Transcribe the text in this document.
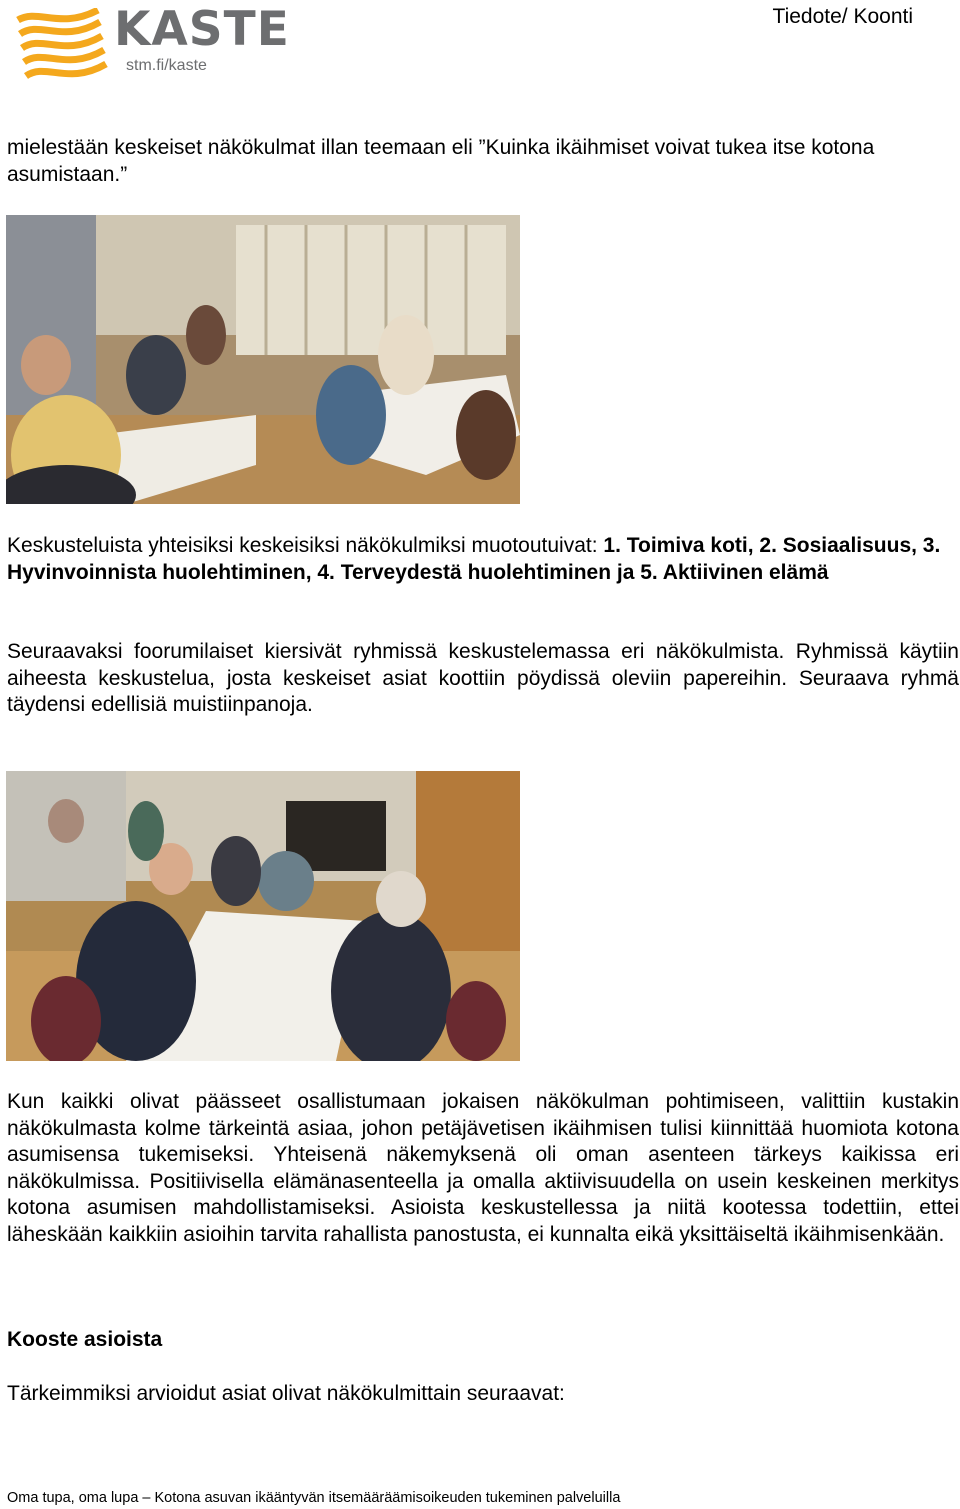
KASTE
stm.fi/kaste
Tiedote/ Koonti
mielestään keskeiset näkökulmat illan teemaan eli ”Kuinka ikäihmiset voivat tukea itse kotona asumistaan.”
Keskusteluista yhteisiksi keskeisiksi näkökulmiksi muotoutuivat: 1. Toimiva koti, 2. Sosiaalisuus, 3. Hyvinvoinnista huolehtiminen, 4. Terveydestä huolehtiminen ja 5. Aktiivinen elämä
Seuraavaksi foorumilaiset kiersivät ryhmissä keskustelemassa eri näkökulmista. Ryhmissä käytiin aiheesta keskustelua, josta keskeiset asiat koottiin pöydissä oleviin papereihin. Seuraava ryhmä täydensi edellisiä muistiinpanoja.
Kun kaikki olivat päässeet osallistumaan jokaisen näkökulman pohtimiseen, valittiin kustakin näkökulmasta kolme tärkeintä asiaa, johon petäjävetisen ikäihmisen tulisi kiinnittää huomiota kotona asumisensa tukemiseksi. Yhteisenä näkemyksenä oli oman asenteen tärkeys kaikissa eri näkökulmissa. Positiivisella elämänasenteella ja omalla aktiivisuudella on usein keskeinen merkitys kotona asumisen mahdollistamiseksi. Asioista keskustellessa ja niitä kootessa todettiin, ettei läheskään kaikkiin asioihin tarvita rahallista panostusta, ei kunnalta eikä yksittäiseltä ikäihmisenkään.
Kooste asioista
Tärkeimmiksi arvioidut asiat olivat näkökulmittain seuraavat:
Oma tupa, oma lupa – Kotona asuvan ikääntyvän itsemääräämisoikeuden tukeminen palveluilla
